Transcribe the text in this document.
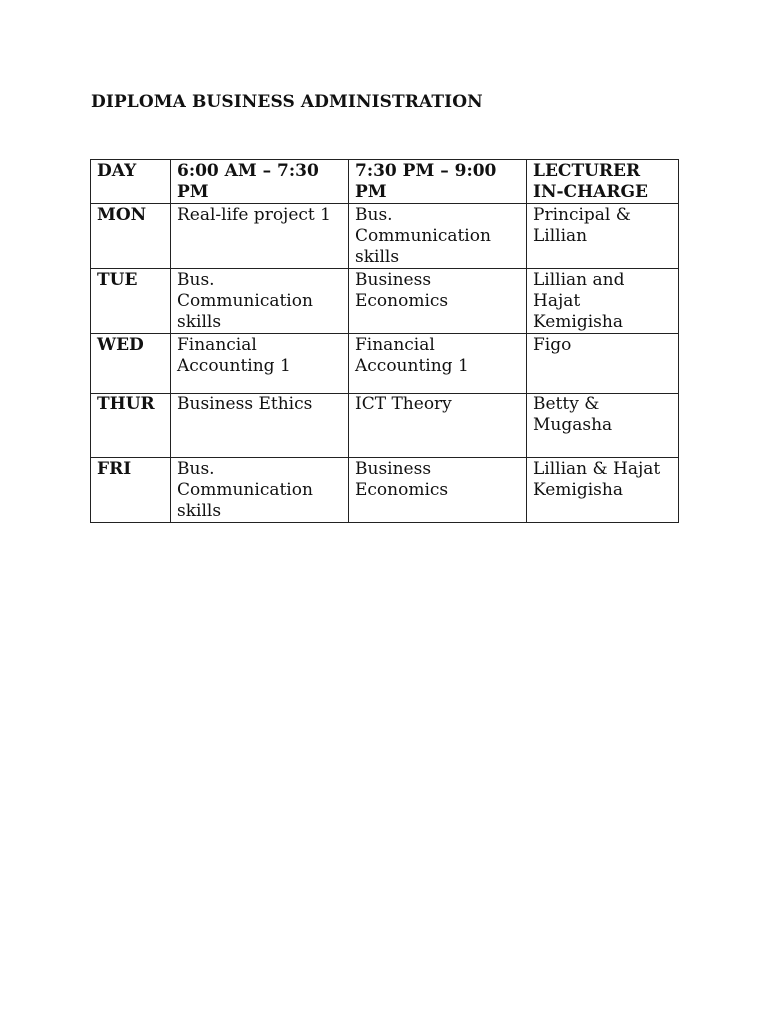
DIPLOMA BUSINESS ADMINISTRATION
DAY	6:00 AM – 7:30 PM	7:30 PM – 9:00 PM	LECTURER IN-CHARGE
MON	Real-life project 1	Bus. Communication skills	Principal & Lillian
TUE	Bus. Communication skills	Business Economics	Lillian and Hajat Kemigisha
WED	Financial Accounting 1	Financial Accounting 1	Figo
THUR	Business Ethics	ICT Theory	Betty & Mugasha
FRI	Bus. Communication skills	Business Economics	Lillian & Hajat Kemigisha
